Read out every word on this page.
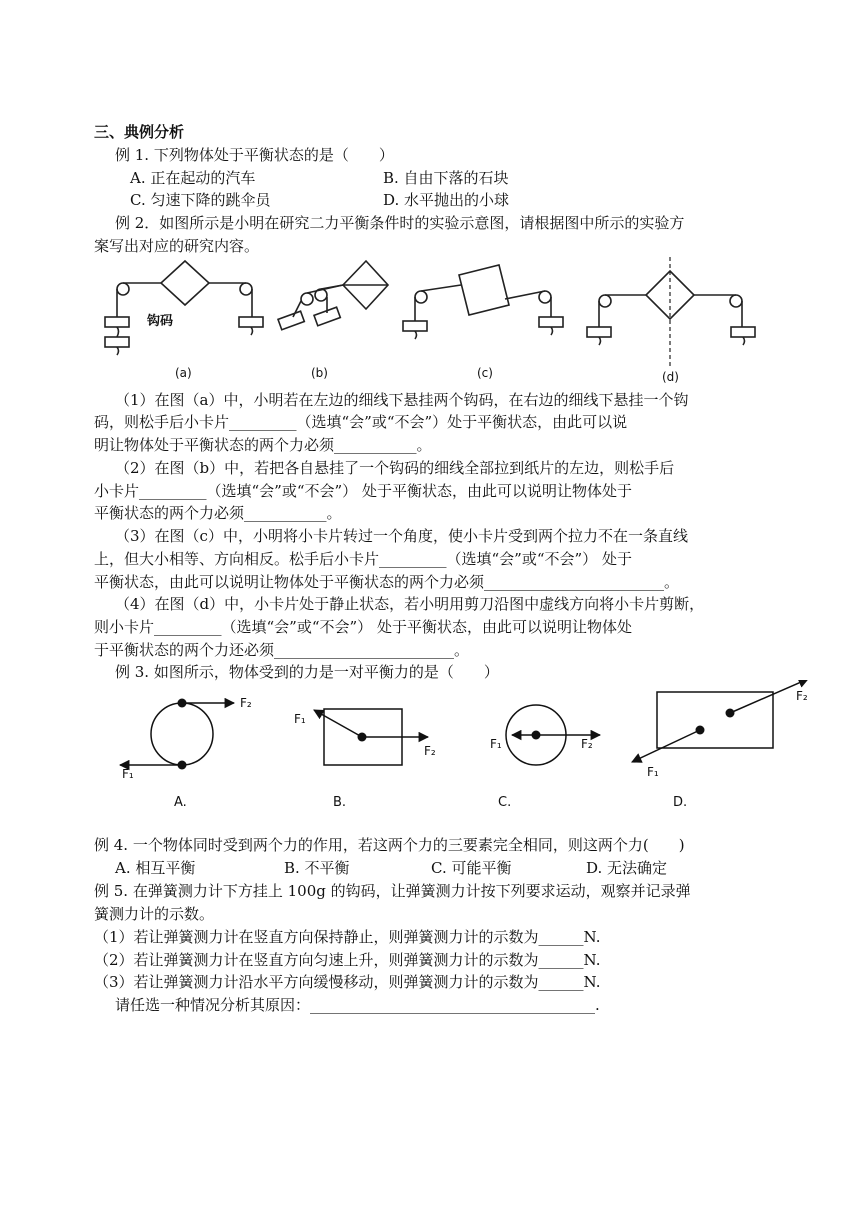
三、典例分析
例 1. 下列物体处于平衡状态的是（　　）
A. 正在起动的汽车	B. 自由下落的石块
C. 匀速下降的跳伞员	D. 水平抛出的小球
例 2．如图所示是小明在研究二力平衡条件时的实验示意图，请根据图中所示的实验方
案写出对应的研究内容。
钩码
(a)	(b)	(c)	(d)
（1）在图（a）中，小明若在左边的细线下悬挂两个钩码，在右边的细线下悬挂一个钩
码，则松手后小卡片_________（选填“会”或“不会”）处于平衡状态，由此可以说
明让物体处于平衡状态的两个力必须___________。
（2）在图（b）中，若把各自悬挂了一个钩码的细线全部拉到纸片的左边，则松手后
小卡片_________（选填“会”或“不会”） 处于平衡状态，由此可以说明让物体处于
平衡状态的两个力必须___________。
（3）在图（c）中，小明将小卡片转过一个角度，使小卡片受到两个拉力不在一条直线
上，但大小相等、方向相反。松手后小卡片_________（选填“会”或“不会”） 处于
平衡状态，由此可以说明让物体处于平衡状态的两个力必须________________________。
（4）在图（d）中，小卡片处于静止状态，若小明用剪刀沿图中虚线方向将小卡片剪断，
则小卡片_________（选填“会”或“不会”） 处于平衡状态，由此可以说明让物体处
于平衡状态的两个力还必须________________________。
例 3. 如图所示，物体受到的力是一对平衡力的是（　　）
F₂
F₁
F₁
F₂	F₁	F₂
F₂
F₁
A.	B.	C.	D.
例 4. 一个物体同时受到两个力的作用，若这两个力的三要素完全相同，则这两个力(　　)
A. 相互平衡	B. 不平衡	C. 可能平衡	D. 无法确定
例 5. 在弹簧测力计下方挂上 100g 的钩码，让弹簧测力计按下列要求运动，观察并记录弹
簧测力计的示数。
（1）若让弹簧测力计在竖直方向保持静止，则弹簧测力计的示数为______N.
（2）若让弹簧测力计在竖直方向匀速上升，则弹簧测力计的示数为______N.
（3）若让弹簧测力计沿水平方向缓慢移动，则弹簧测力计的示数为______N.
请任选一种情况分析其原因：______________________________________.
